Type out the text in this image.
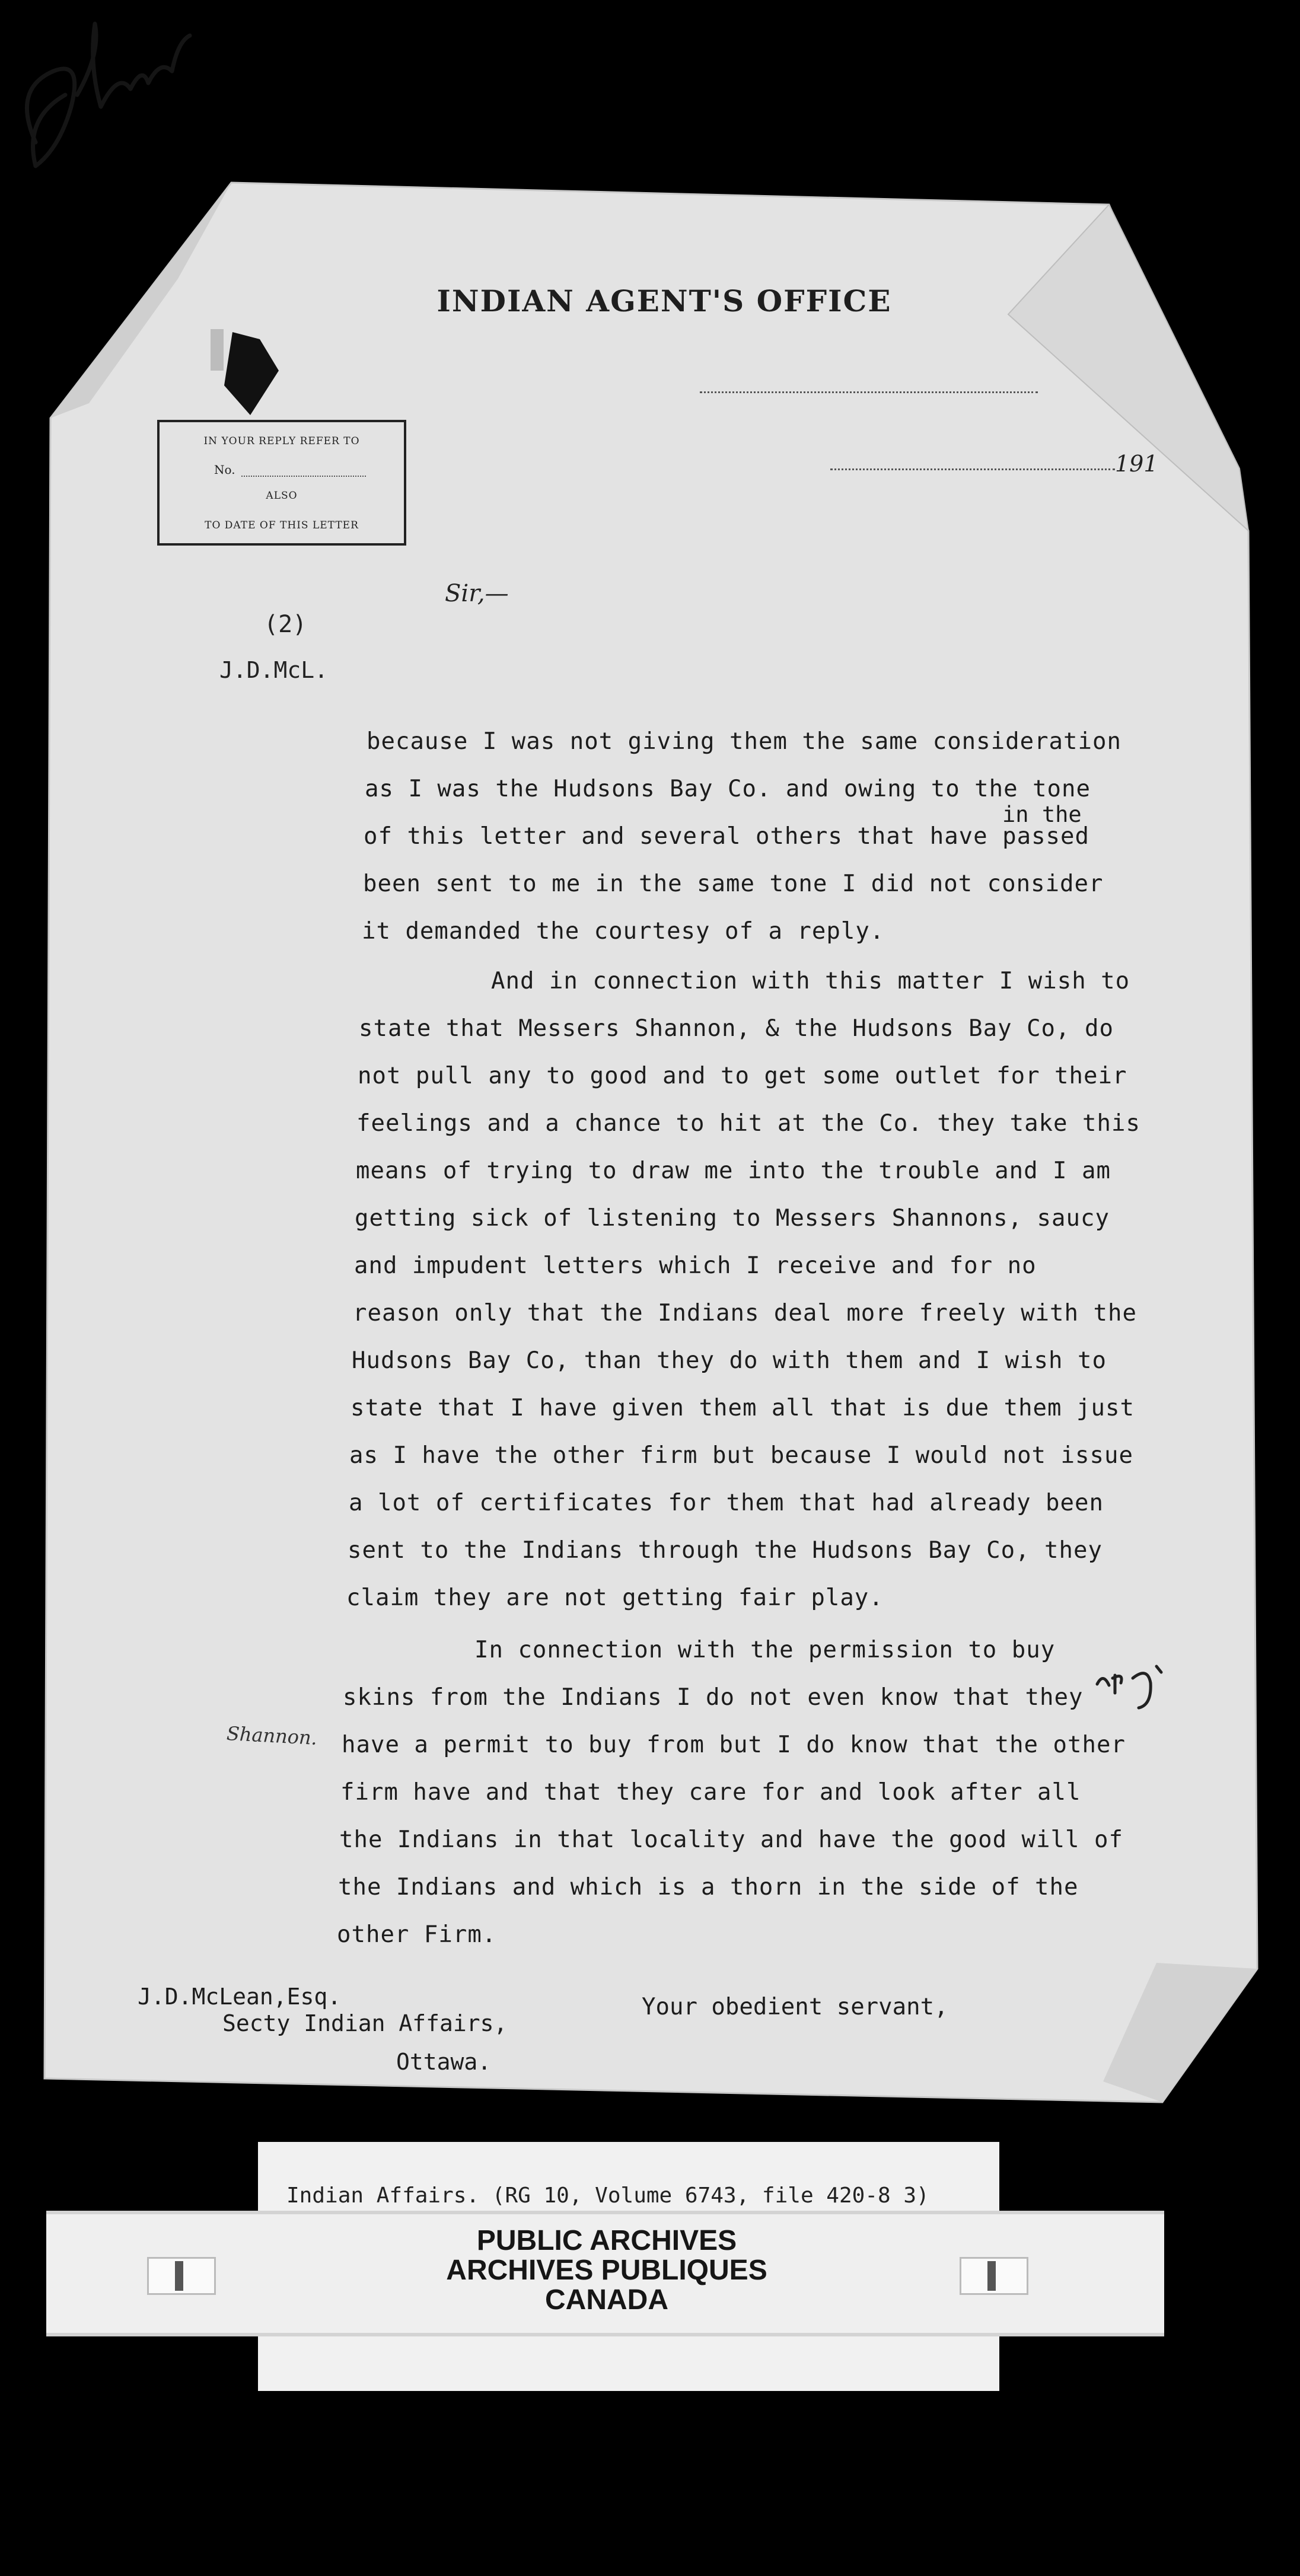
INDIAN AGENT'S OFFICE
191
IN YOUR REPLY REFER TO
No.
ALSO
TO DATE OF THIS LETTER
Sir,—
(2)
J.D.McL.
because I was not giving them the same consideration
as I was the Hudsons Bay Co. and owing to the tone
of this letter and several others that have passed
been sent to me in the same tone I did not consider
it demanded the courtesy of a reply.
And in connection with this matter I wish to
state that Messers Shannon, & the Hudsons Bay Co, do
not pull any to good and to get some outlet for their
feelings and a chance to hit at the Co. they take this
means of trying to draw me into the trouble and I am
getting sick of listening to Messers Shannons, saucy
and impudent letters which I receive and for no
reason only that the Indians deal more freely with the
Hudsons Bay Co, than they do with them and I wish to
state that I have given them all that is due them just
as I have the other firm but because I would not issue
a lot of certificates for them that had already been
sent to the Indians through the Hudsons Bay Co, they
claim they are not getting fair play.
In connection with the permission to buy
skins from the Indians I do not even know that they
have a permit to buy from but I do know that the other
firm have and that they care for and look after all
the Indians in that locality and have the good will of
the Indians and which is a thorn in the side of the
other Firm.
in the
Shannon.
J.D.McLean,Esq.
Secty Indian Affairs,
Ottawa.
Your obedient servant,
Indian Affairs. (RG 10, Volume 6743, file 420-8 3)
PUBLIC ARCHIVES
ARCHIVES PUBLIQUES
CANADA
